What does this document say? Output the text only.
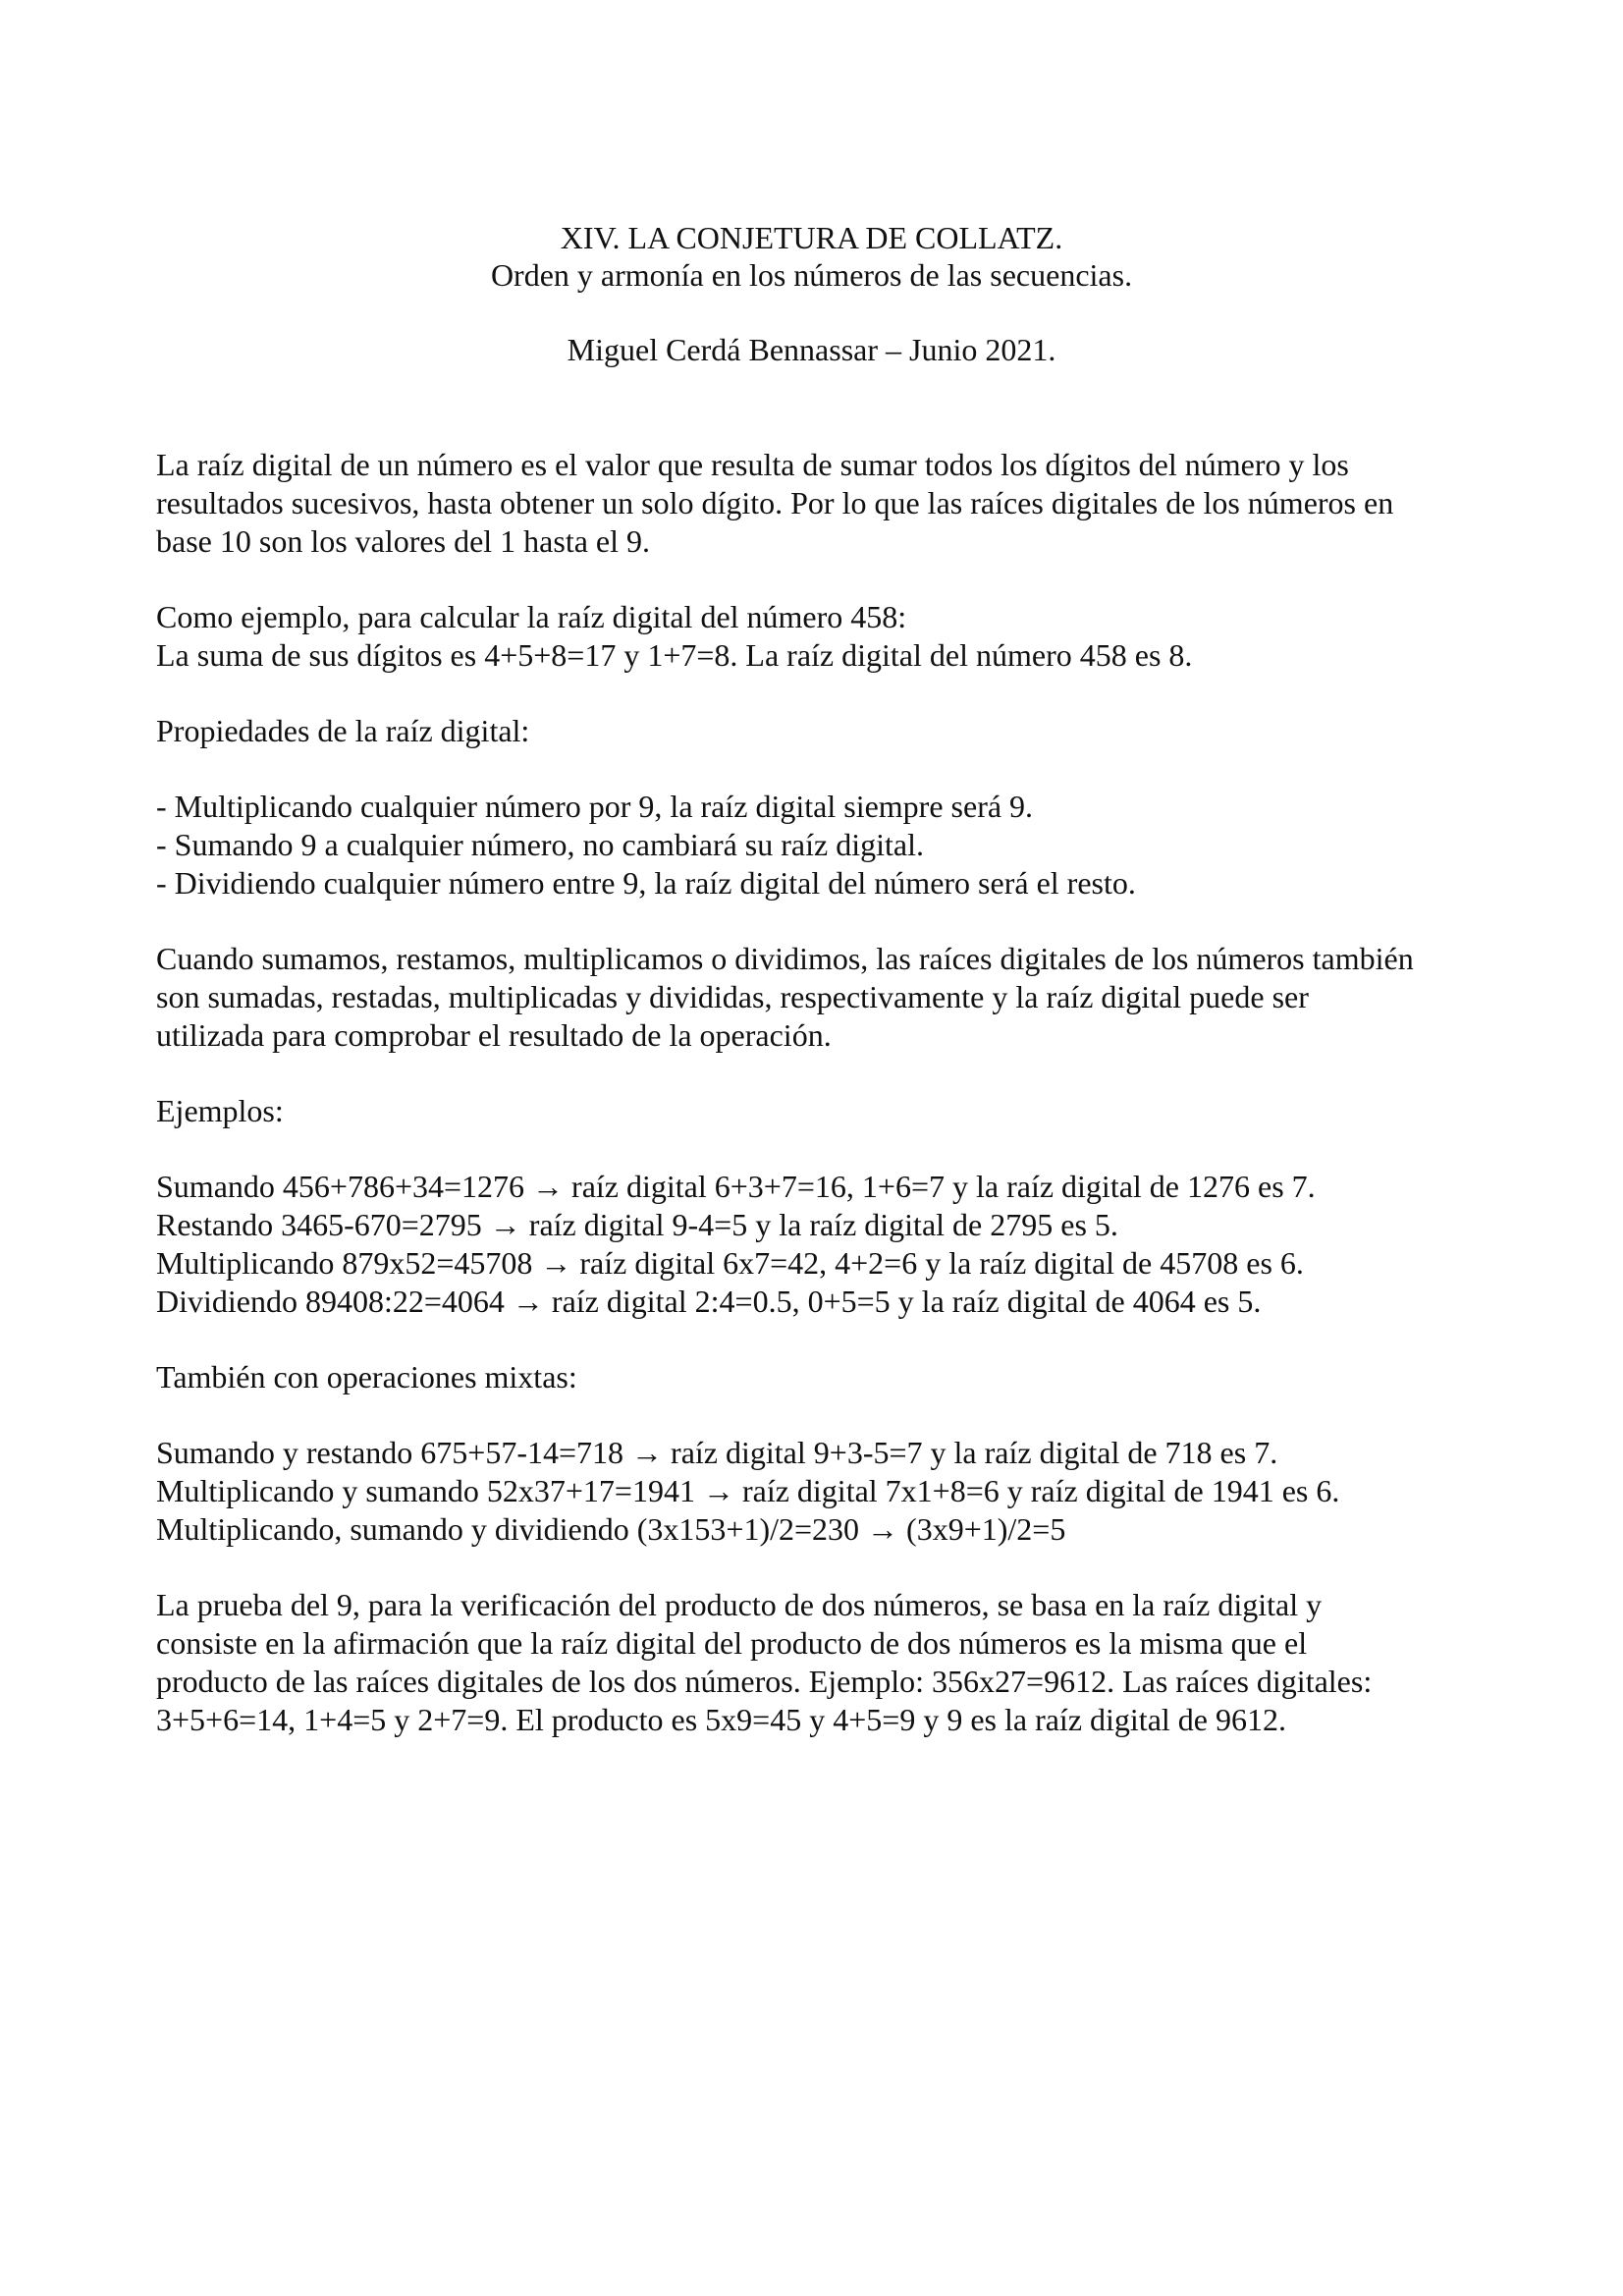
XIV. LA CONJETURA DE COLLATZ.
Orden y armonía en los números de las secuencias.
Miguel Cerdá Bennassar – Junio 2021.
La raíz digital de un número es el valor que resulta de sumar todos los dígitos del número y los
resultados sucesivos, hasta obtener un solo dígito. Por lo que las raíces digitales de los números en
base 10 son los valores del 1 hasta el 9.
Como ejemplo, para calcular la raíz digital del número 458:
La suma de sus dígitos es 4+5+8=17 y 1+7=8. La raíz digital del número 458 es 8.
Propiedades de la raíz digital:
- Multiplicando cualquier número por 9, la raíz digital siempre será 9.
- Sumando 9 a cualquier número, no cambiará su raíz digital.
- Dividiendo cualquier número entre 9, la raíz digital del número será el resto.
Cuando sumamos, restamos, multiplicamos o dividimos, las raíces digitales de los números también
son sumadas, restadas, multiplicadas y divididas, respectivamente y la raíz digital puede ser
utilizada para comprobar el resultado de la operación.
Ejemplos:
Sumando 456+786+34=1276 → raíz digital 6+3+7=16, 1+6=7 y la raíz digital de 1276 es 7.
Restando 3465-670=2795 → raíz digital 9-4=5 y la raíz digital de 2795 es 5.
Multiplicando 879x52=45708 → raíz digital 6x7=42, 4+2=6 y la raíz digital de 45708 es 6.
Dividiendo 89408:22=4064 → raíz digital 2:4=0.5, 0+5=5 y la raíz digital de 4064 es 5.
También con operaciones mixtas:
Sumando y restando 675+57-14=718 → raíz digital 9+3-5=7 y la raíz digital de 718 es 7.
Multiplicando y sumando 52x37+17=1941 → raíz digital 7x1+8=6 y raíz digital de 1941 es 6.
Multiplicando, sumando y dividiendo (3x153+1)/2=230 → (3x9+1)/2=5
La prueba del 9, para la verificación del producto de dos números, se basa en la raíz digital y
consiste en la afirmación que la raíz digital del producto de dos números es la misma que el
producto de las raíces digitales de los dos números. Ejemplo: 356x27=9612. Las raíces digitales:
3+5+6=14, 1+4=5 y 2+7=9. El producto es 5x9=45 y 4+5=9 y 9 es la raíz digital de 9612.
